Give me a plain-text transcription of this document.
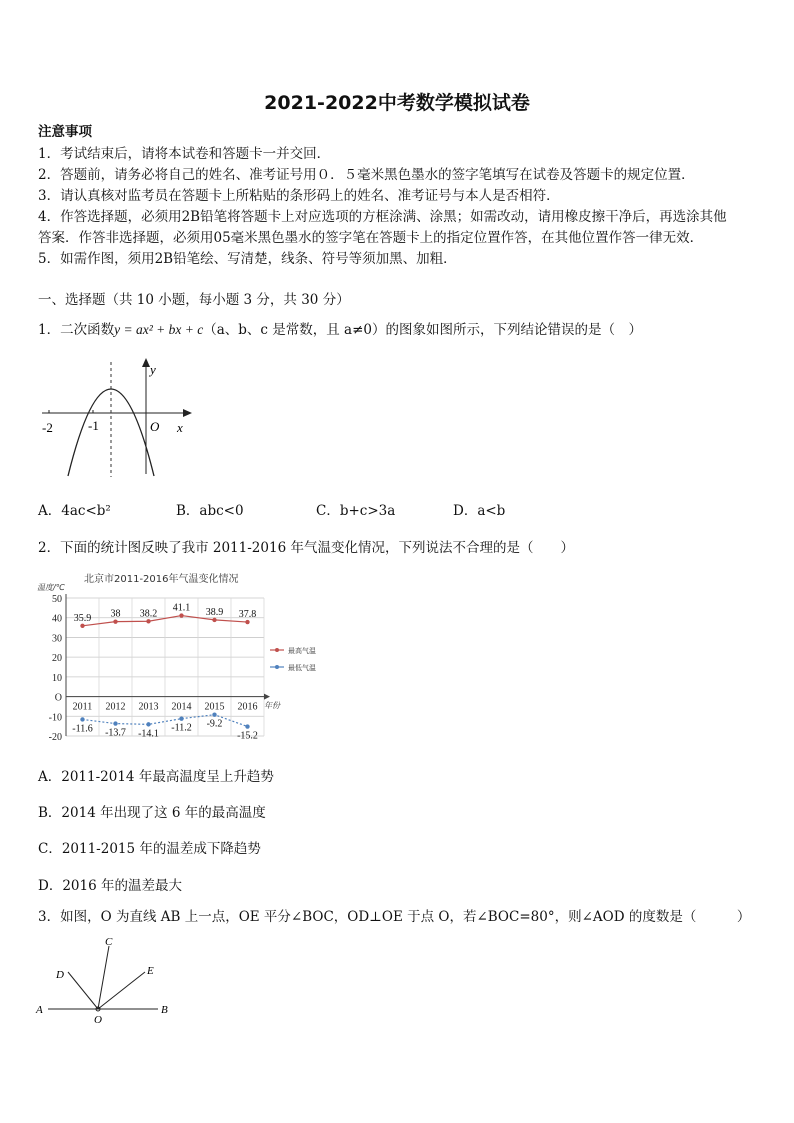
2021-2022中考数学模拟试卷
注意事项
1．考试结束后，请将本试卷和答题卡一并交回．
2．答题前，请务必将自己的姓名、准考证号用０．５毫米黑色墨水的签字笔填写在试卷及答题卡的规定位置．
3．请认真核对监考员在答题卡上所粘贴的条形码上的姓名、准考证号与本人是否相符．
4．作答选择题，必须用2B铅笔将答题卡上对应选项的方框涂满、涂黑；如需改动，请用橡皮擦干净后，再选涂其他
答案．作答非选择题，必须用05毫米黑色墨水的签字笔在答题卡上的指定位置作答，在其他位置作答一律无效．
5．如需作图，须用2B铅笔绘、写清楚，线条、符号等须加黑、加粗．
一、选择题（共 10 小题，每小题 3 分，共 30 分）
1．二次函数y = ax² + bx + c（a、b、c 是常数，且 a≠0）的图象如图所示，下列结论错误的是（　）
-2	-1	O x
y
A．4ac<b²	B．abc<0	C．b+c>3a	D．a<b
2．下面的统计图反映了我市 2011-2016 年气温变化情况，下列说法不合理的是（　　）
北京市2011-2016年气温变化情况
温度/℃
年份
50
40
30
20
10
O
-10
-20
2011 2012 2013 2014 2015 2016
35.9 38 38.2
41.1 38.9 37.8
-11.6 -13.7 -14.1
-11.2 -9.2
-15.2
最高气温
最低气温
A．2011-2014 年最高温度呈上升趋势
B．2014 年出现了这 6 年的最高温度
C．2011-2015 年的温差成下降趋势
D．2016 年的温差最大
3．如图，O 为直线 AB 上一点，OE 平分∠BOC，OD⊥OE 于点 O，若∠BOC=80°，则∠AOD 的度数是（　　　）
A	B
C
D	E
O
